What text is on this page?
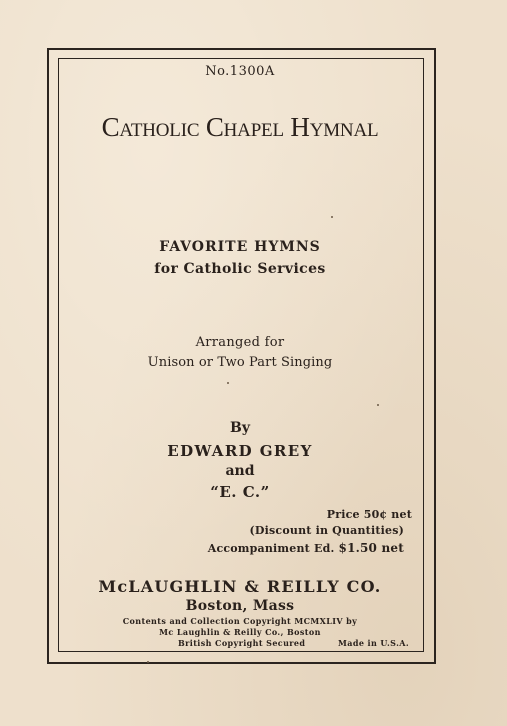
No.1300A
Catholic Chapel Hymnal
FAVORITE HYMNS
for Catholic Services
Arranged for
Unison or Two Part Singing
By
EDWARD GREY
and
“E. C.”
Price 50¢ net
(Discount in Quantities)
Accompaniment Ed. $1.50 net
McLAUGHLIN & REILLY CO.
Boston, Mass
Contents and Collection Copyright MCMXLIV by
Mc Laughlin & Reilly Co., Boston
British Copyright Secured	Made in U.S.A.
